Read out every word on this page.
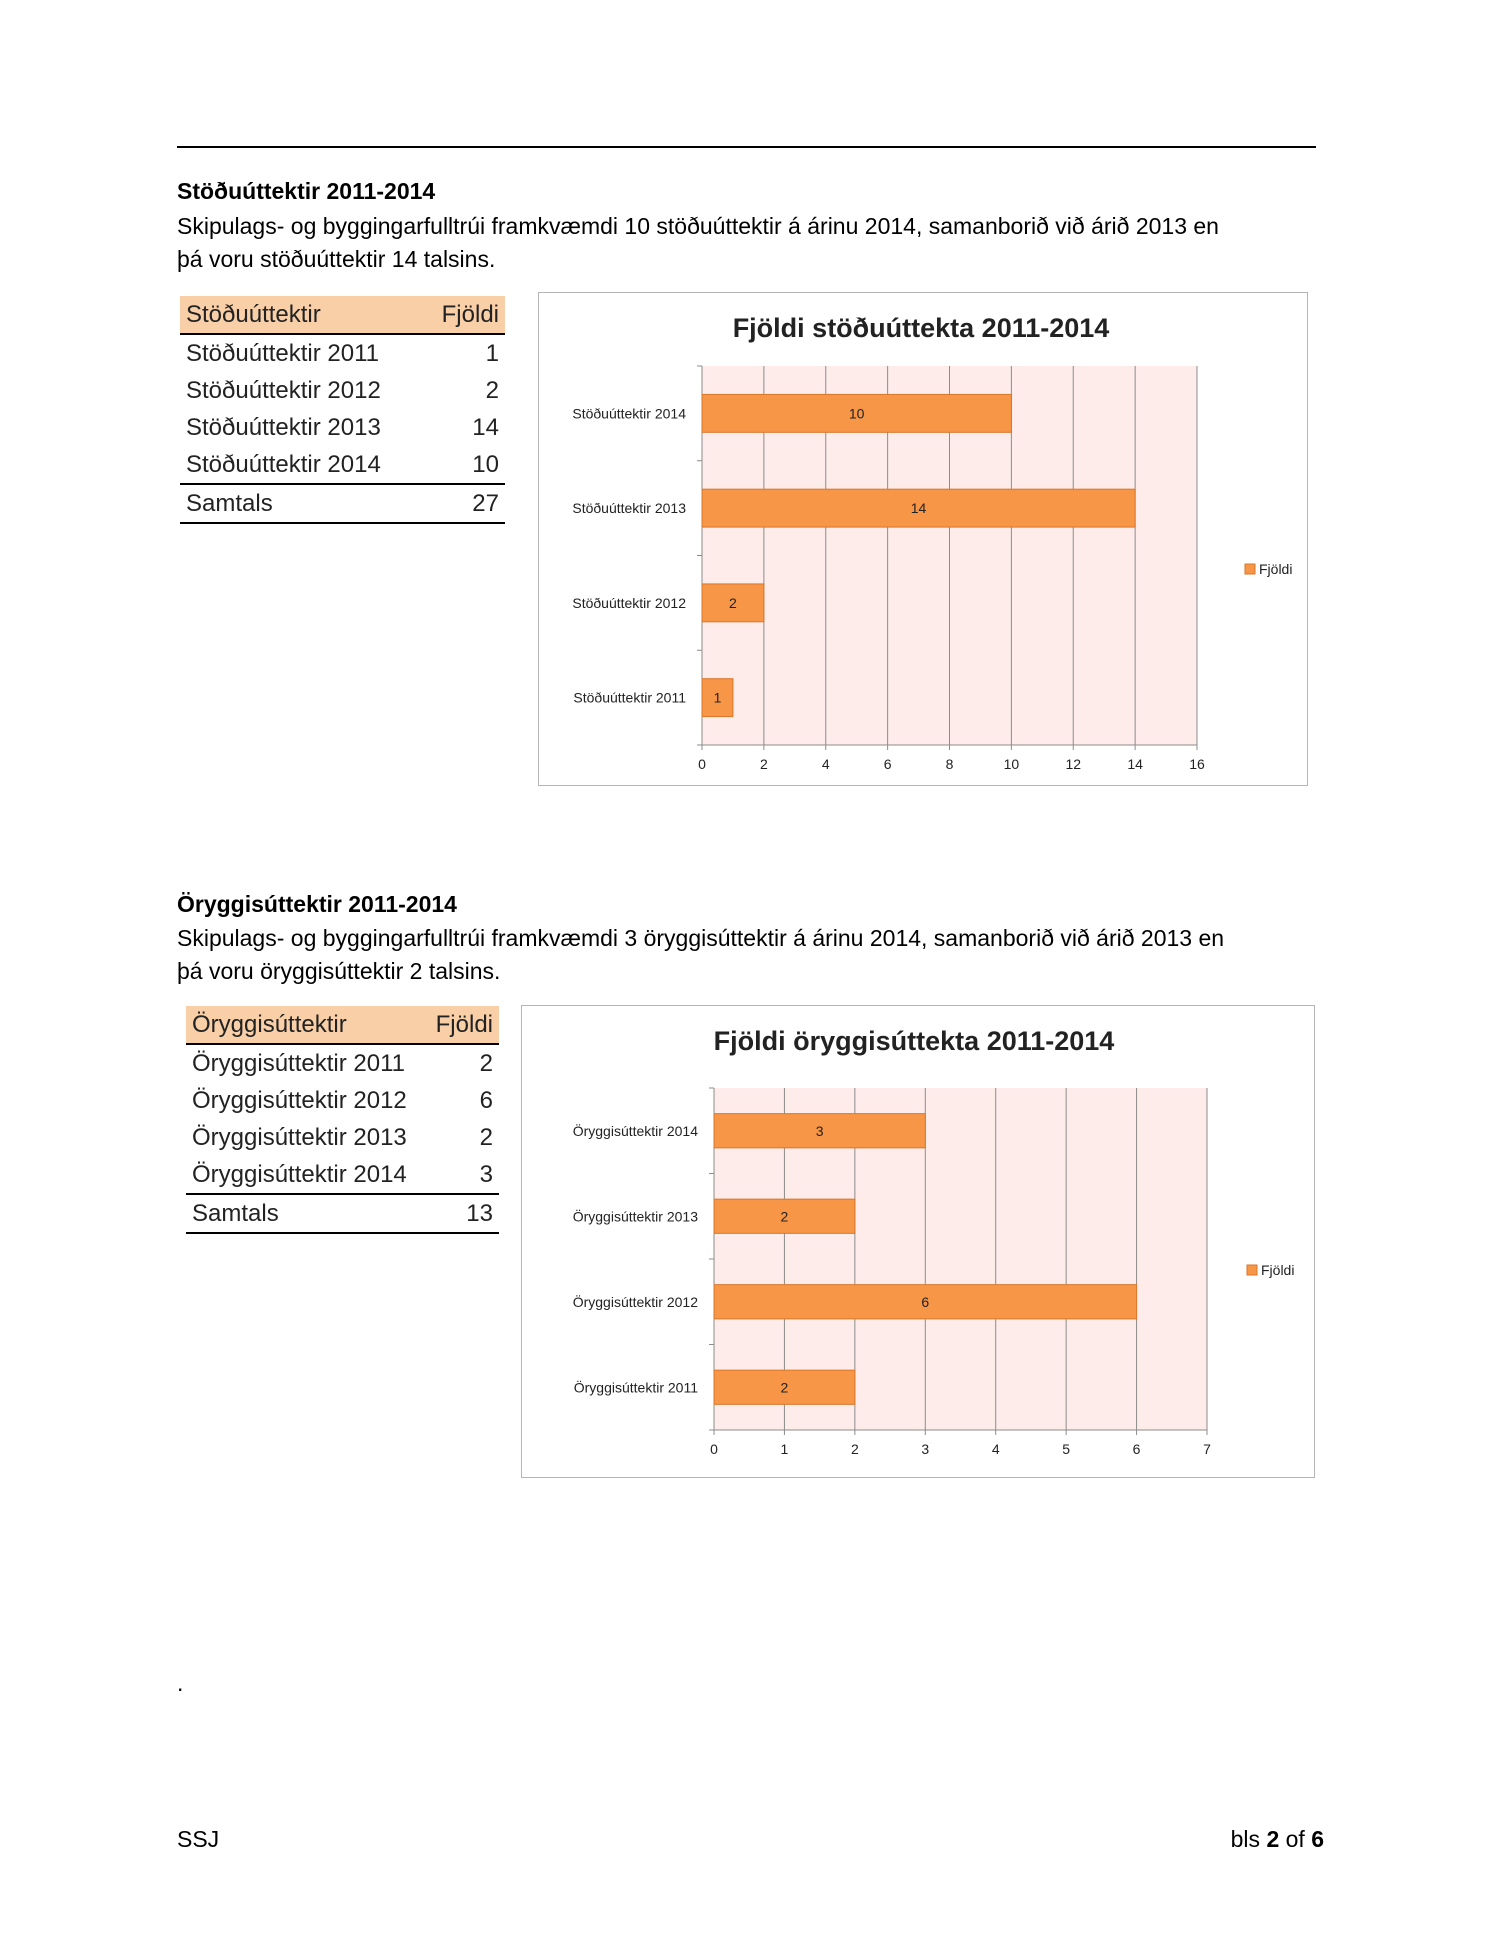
Stöðuúttektir 2011-2014

Skipulags- og byggingarfulltrúi framkvæmdi 10 stöðuúttektir á árinu 2014, samanborið við árið 2013 en

þá voru stöðuúttektir 14 talsins.

Stöðuúttektir	Fjöldi
Stöðuúttektir 2011	1
Stöðuúttektir 2012	2
Stöðuúttektir 2013	14
Stöðuúttektir 2014	10
Samtals	27
Fjöldi stöðuúttekta 2011-2014
0	2	4	6	8	10	12	14	16
10
Stöðuúttektir 2014
14
Stöðuúttektir 2013
2
Stöðuúttektir 2012
1
Stöðuúttektir 2011
Fjöldi
Öryggisúttektir 2011-2014

Skipulags- og byggingarfulltrúi framkvæmdi 3 öryggisúttektir á árinu 2014, samanborið við árið 2013 en

þá voru öryggisúttektir 2 talsins.

Öryggisúttektir	Fjöldi
Öryggisúttektir 2011	2
Öryggisúttektir 2012	6
Öryggisúttektir 2013	2
Öryggisúttektir 2014	3
Samtals	13
Fjöldi öryggisúttekta 2011-2014
0	1	2	3	4	5	6	7
3
Öryggisúttektir 2014
2
Öryggisúttektir 2013
6
Öryggisúttektir 2012
2
Öryggisúttektir 2011
Fjöldi
.
SSJ	bls 2 of 6
